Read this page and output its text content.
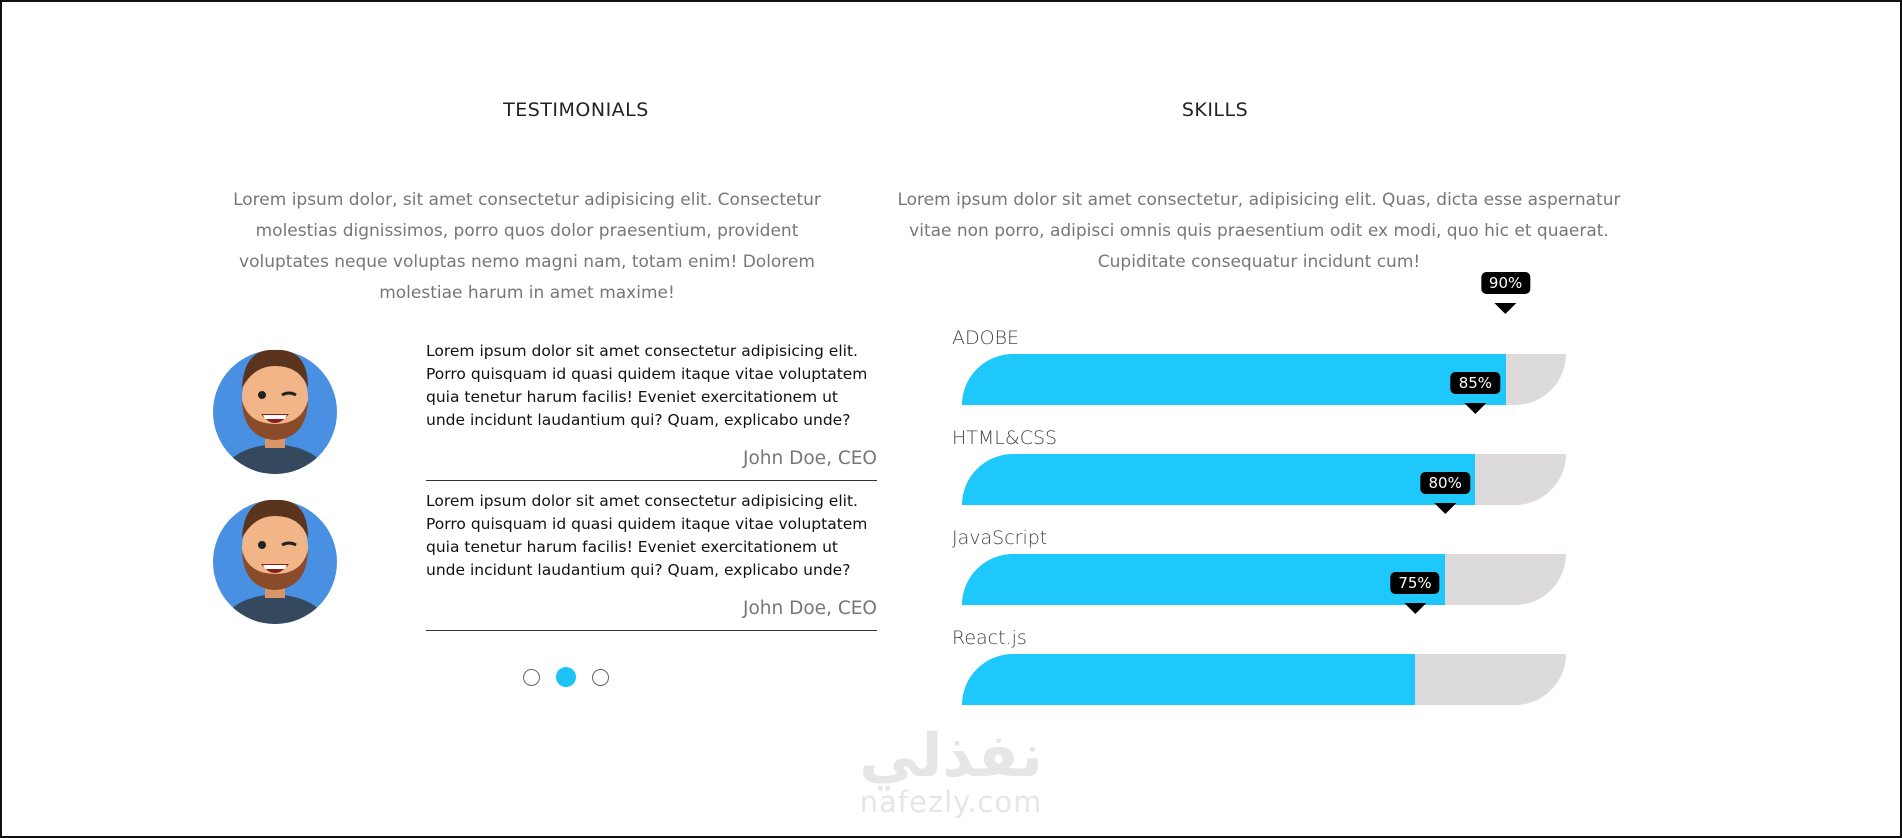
TESTIMONIALS

Lorem ipsum dolor, sit amet consectetur adipisicing elit. Consectetur molestias dignissimos, porro quos dolor praesentium, provident voluptates neque voluptas nemo magni nam, totam enim! Dolorem molestiae harum in amet maxime!

Lorem ipsum dolor sit amet consectetur adipisicing elit. Porro quisquam id quasi quidem itaque vitae voluptatem quia tenetur harum facilis! Eveniet exercitationem ut unde incidunt laudantium qui? Quam, explicabo unde?

John Doe, CEO

Lorem ipsum dolor sit amet consectetur adipisicing elit. Porro quisquam id quasi quidem itaque vitae voluptatem quia tenetur harum facilis! Eveniet exercitationem ut unde incidunt laudantium qui? Quam, explicabo unde?

John Doe, CEO
SKILLS

Lorem ipsum dolor sit amet consectetur, adipisicing elit. Quas, dicta esse aspernatur vitae non porro, adipisci omnis quis praesentium odit ex modi, quo hic et quaerat. Cupiditate consequatur incidunt cum!

ADOBE
90%
HTML&CSS
85%
JavaScript
80%
React.js
75%
نفذلي
nafezly.com
